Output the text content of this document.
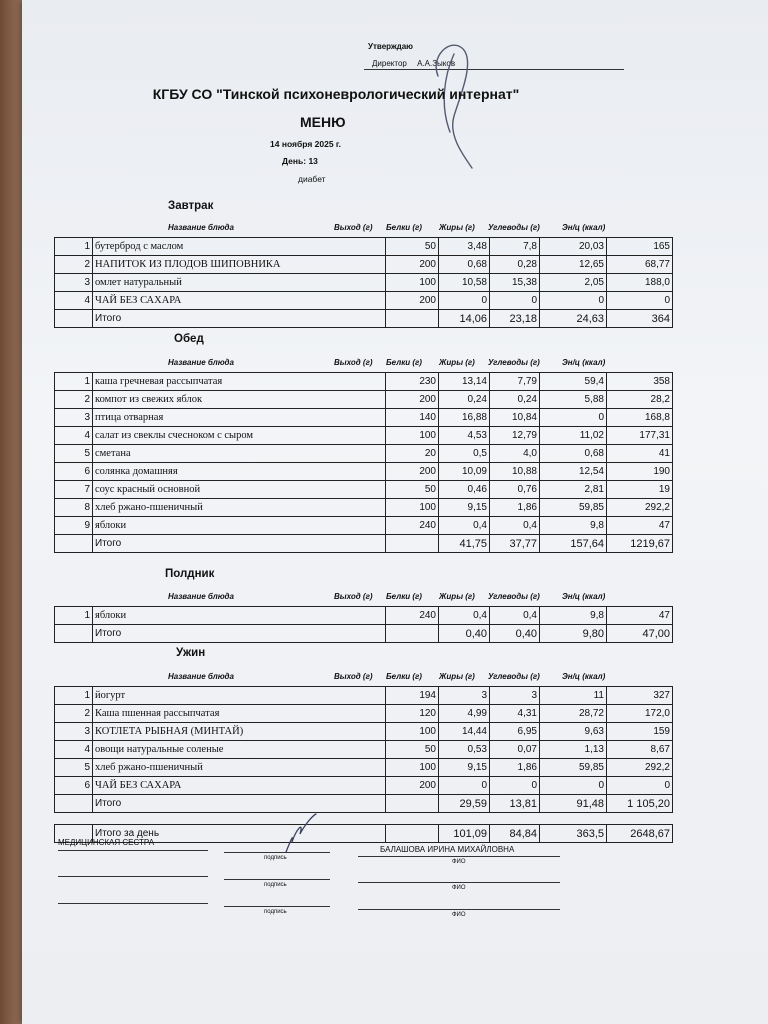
Утверждаю
Директор А.А.Зыков
КГБУ СО "Тинской психоневрологический интернат"
МЕНЮ
14 ноября 2025 г.
День: 13
диабет
Завтрак
Название блюда	Выход (г) Белки (г) Жиры (г) Углеводы (г)	Эн/ц (ккал)
1	бутерброд с маслом	50	3,48	7,8	20,03	165
2	НАПИТОК ИЗ ПЛОДОВ ШИПОВНИКА	200	0,68	0,28	12,65	68,77
3	омлет натуральный	100	10,58	15,38	2,05	188,0
4	ЧАЙ БЕЗ САХАРА	200	0	0	0	0
	Итого		14,06	23,18	24,63	364
Обед
Название блюда	Выход (г) Белки (г) Жиры (г) Углеводы (г)	Эн/ц (ккал)
1	каша гречневая рассыпчатая	230	13,14	7,79	59,4	358
2	компот из свежих яблок	200	0,24	0,24	5,88	28,2
3	птица отварная	140	16,88	10,84	0	168,8
4	салат из свеклы счесноком с сыром	100	4,53	12,79	11,02	177,31
5	сметана	20	0,5	4,0	0,68	41
6	солянка домашняя	200	10,09	10,88	12,54	190
7	соус красный основной	50	0,46	0,76	2,81	19
8	хлеб ржано-пшеничный	100	9,15	1,86	59,85	292,2
9	яблоки	240	0,4	0,4	9,8	47
	Итого		41,75	37,77	157,64	1219,67
Полдник
Название блюда	Выход (г) Белки (г) Жиры (г) Углеводы (г)	Эн/ц (ккал)
1	яблоки	240	0,4	0,4	9,8	47
	Итого		0,40	0,40	9,80	47,00
Ужин
Название блюда	Выход (г) Белки (г) Жиры (г) Углеводы (г)	Эн/ц (ккал)
1	йогурт	194	3	3	11	327
2	Каша пшенная рассыпчатая	120	4,99	4,31	28,72	172,0
3	КОТЛЕТА РЫБНАЯ (МИНТАЙ)	100	14,44	6,95	9,63	159
4	овощи натуральные соленые	50	0,53	0,07	1,13	8,67
5	хлеб ржано-пшеничный	100	9,15	1,86	59,85	292,2
6	ЧАЙ БЕЗ САХАРА	200	0	0	0	0
	Итого		29,59	13,81	91,48	1 105,20
	Итого за день		101,09	84,84	363,5	2648,67
МЕДИЦИНСКАЯ СЕСТРА
БАЛАШОВА ИРИНА МИХАЙЛОВНА
подпись
ФИО
подпись	ФИО
подпись	ФИО
